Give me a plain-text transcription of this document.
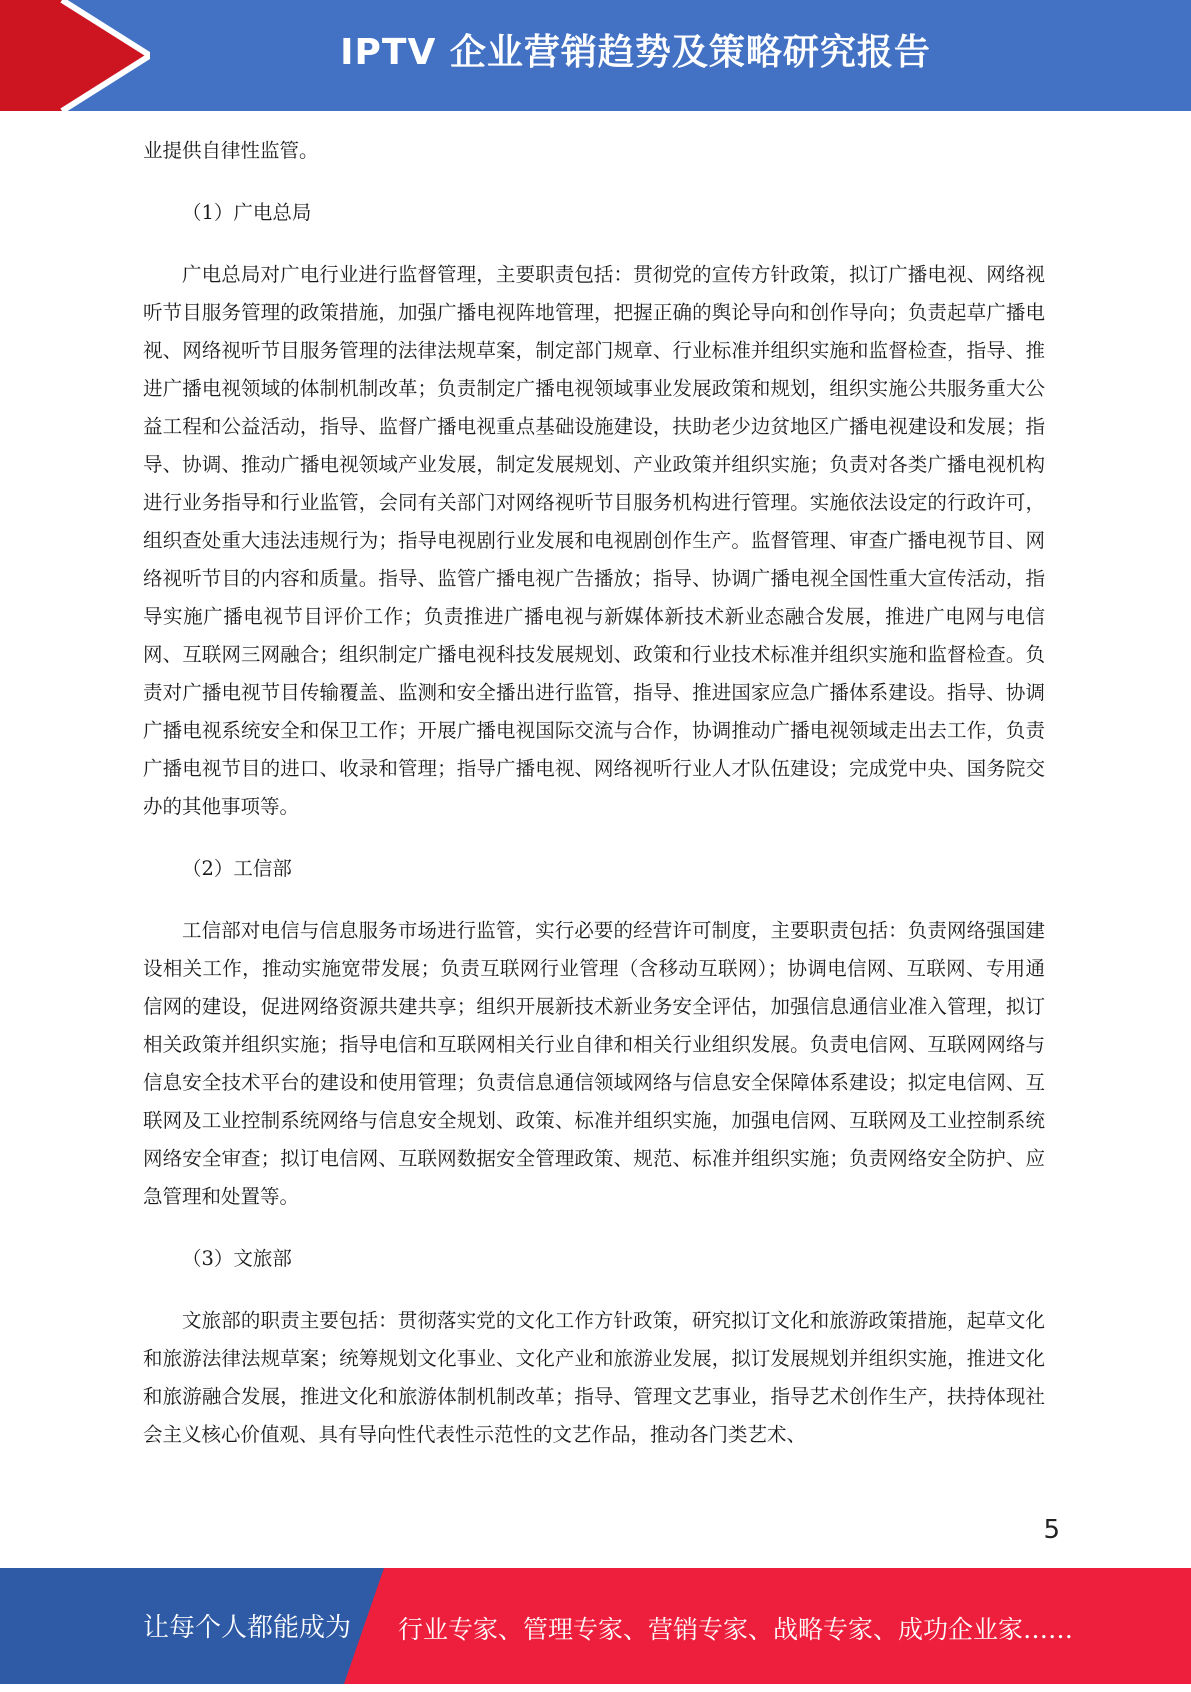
IPTV 企业营销趋势及策略研究报告

业提供自律性监管。

（1）广电总局

广电总局对广电行业进行监督管理，主要职责包括：贯彻党的宣传方针政策，拟订广播电视、网络视听节目服务管理的政策措施，加强广播电视阵地管理，把握正确的舆论导向和创作导向；负责起草广播电视、网络视听节目服务管理的法律法规草案，制定部门规章、行业标准并组织实施和监督检查，指导、推进广播电视领域的体制机制改革；负责制定广播电视领域事业发展政策和规划，组织实施公共服务重大公益工程和公益活动，指导、监督广播电视重点基础设施建设，扶助老少边贫地区广播电视建设和发展；指导、协调、推动广播电视领域产业发展，制定发展规划、产业政策并组织实施；负责对各类广播电视机构进行业务指导和行业监管，会同有关部门对网络视听节目服务机构进行管理。实施依法设定的行政许可，组织查处重大违法违规行为；指导电视剧行业发展和电视剧创作生产。监督管理、审查广播电视节目、网络视听节目的内容和质量。指导、监管广播电视广告播放；指导、协调广播电视全国性重大宣传活动，指导实施广播电视节目评价工作；负责推进广播电视与新媒体新技术新业态融合发展，推进广电网与电信网、互联网三网融合；组织制定广播电视科技发展规划、政策和行业技术标准并组织实施和监督检查。负责对广播电视节目传输覆盖、监测和安全播出进行监管，指导、推进国家应急广播体系建设。指导、协调广播电视系统安全和保卫工作；开展广播电视国际交流与合作，协调推动广播电视领域走出去工作，负责广播电视节目的进口、收录和管理；指导广播电视、网络视听行业人才队伍建设；完成党中央、国务院交办的其他事项等。

（2）工信部

工信部对电信与信息服务市场进行监管，实行必要的经营许可制度，主要职责包括：负责网络强国建设相关工作，推动实施宽带发展；负责互联网行业管理（含移动互联网）；协调电信网、互联网、专用通信网的建设，促进网络资源共建共享；组织开展新技术新业务安全评估，加强信息通信业准入管理，拟订相关政策并组织实施；指导电信和互联网相关行业自律和相关行业组织发展。负责电信网、互联网网络与信息安全技术平台的建设和使用管理；负责信息通信领域网络与信息安全保障体系建设；拟定电信网、互联网及工业控制系统网络与信息安全规划、政策、标准并组织实施，加强电信网、互联网及工业控制系统网络安全审查；拟订电信网、互联网数据安全管理政策、规范、标准并组织实施；负责网络安全防护、应急管理和处置等。

（3）文旅部

文旅部的职责主要包括：贯彻落实党的文化工作方针政策，研究拟订文化和旅游政策措施，起草文化和旅游法律法规草案；统筹规划文化事业、文化产业和旅游业发展，拟订发展规划并组织实施，推进文化和旅游融合发展，推进文化和旅游体制机制改革；指导、管理文艺事业，指导艺术创作生产，扶持体现社会主义核心价值观、具有导向性代表性示范性的文艺作品，推动各门类艺术、

5
让每个人都能成为 行业专家、管理专家、营销专家、战略专家、成功企业家……
